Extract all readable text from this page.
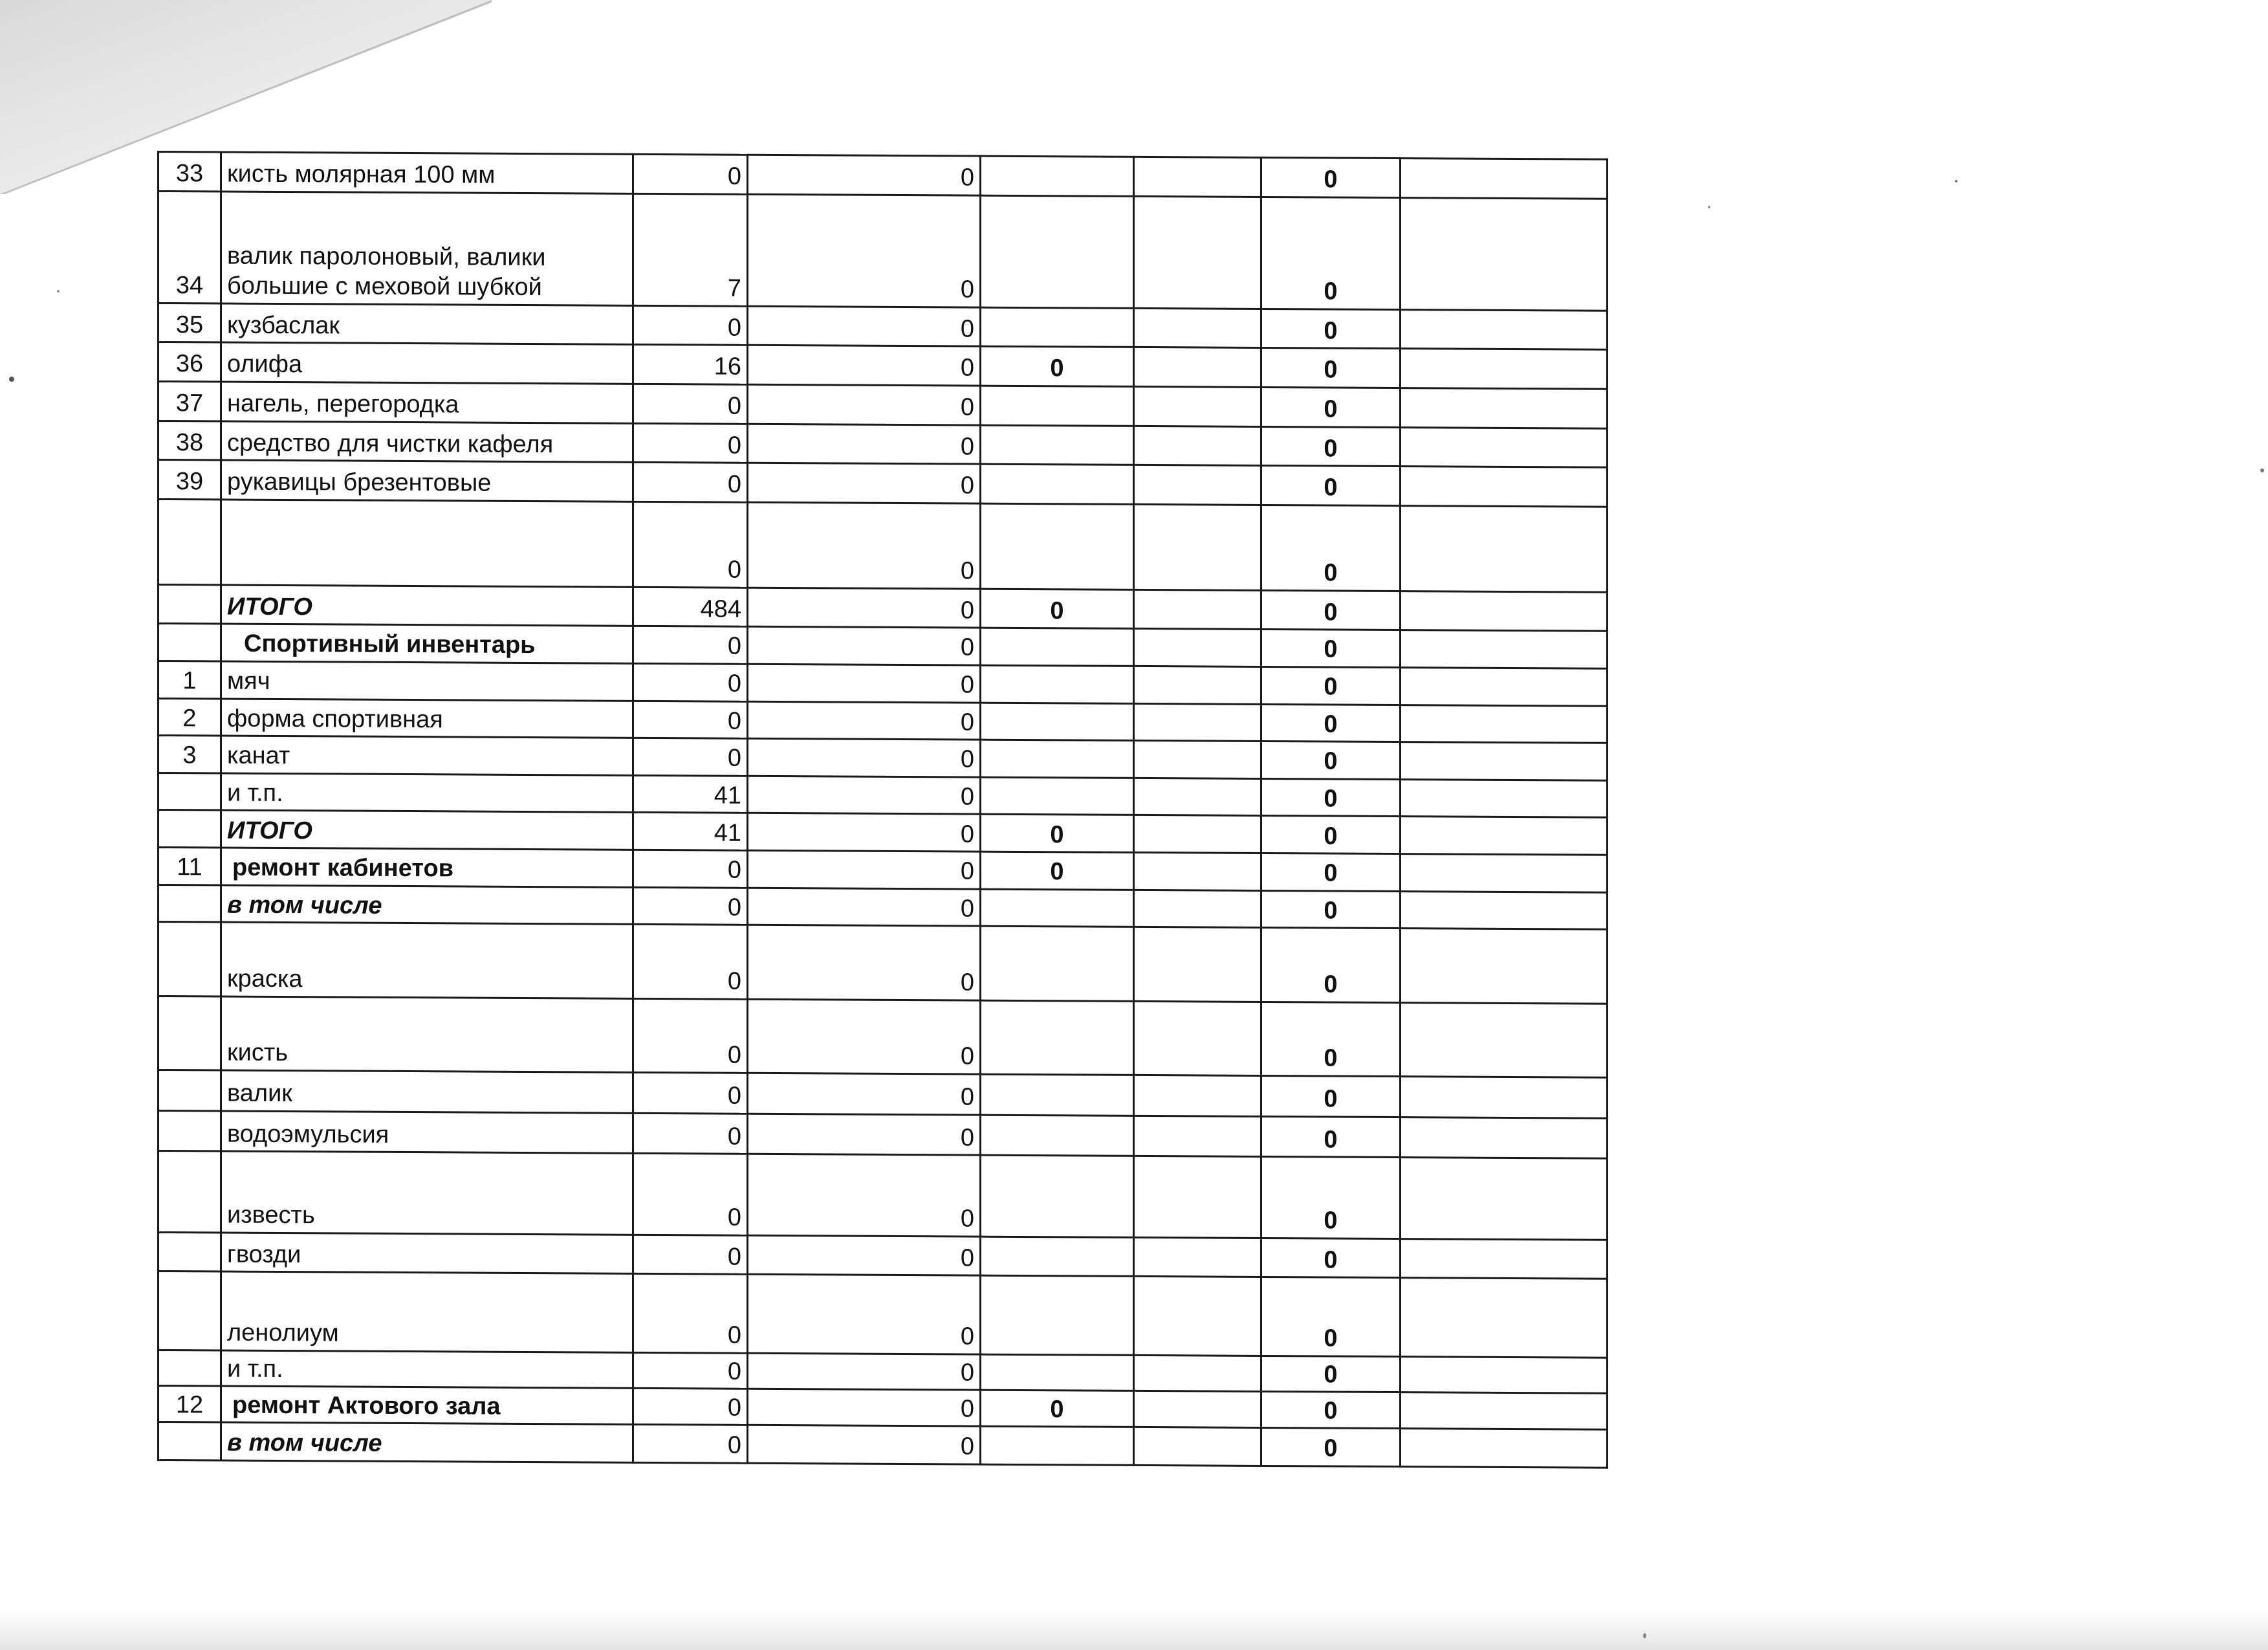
33	кисть молярная 100 мм	0	0			0	
34	валик паролоновый, валики большие с меховой шубкой	7	0			0	
35	кузбаслак	0	0			0	
36	олифа	16	0	0		0	
37	нагель, перегородка	0	0			0	
38	средство для чистки кафеля	0	0			0	
39	рукавицы брезентовые	0	0			0	
		0	0			0	
	ИТОГО	484	0	0		0	
	Спортивный инвентарь	0	0			0	
1	мяч	0	0			0	
2	форма спортивная	0	0			0	
3	канат	0	0			0	
	и т.п.	41	0			0	
	ИТОГО	41	0	0		0	
11	ремонт кабинетов	0	0	0		0	
	в том числе	0	0			0	
	краска	0	0			0	
	кисть	0	0			0	
	валик	0	0			0	
	водоэмульсия	0	0			0	
	известь	0	0			0	
	гвозди	0	0			0	
	ленолиум	0	0			0	
	и т.п.	0	0			0	
12	ремонт Актового зала	0	0	0		0	
	в том числе	0	0			0	
